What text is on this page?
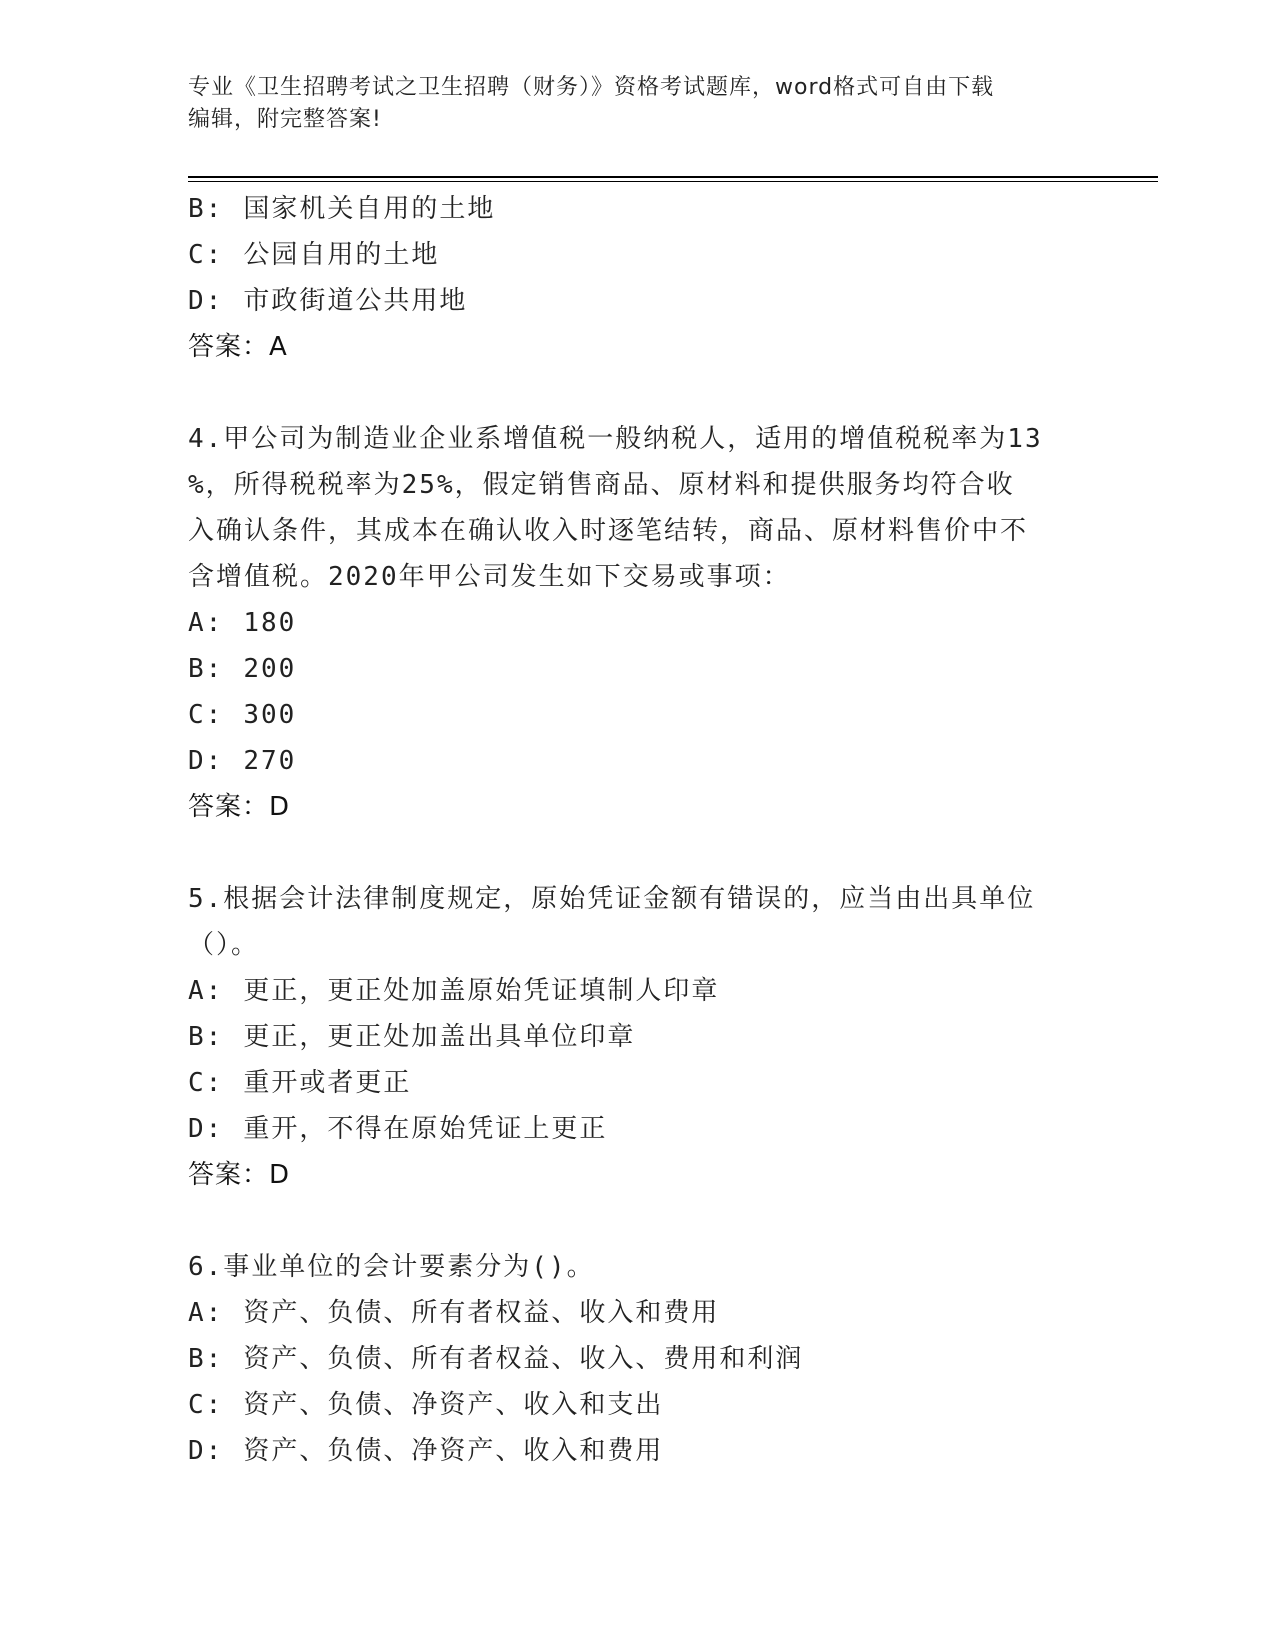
专业《卫生招聘考试之卫生招聘（财务）》资格考试题库，word格式可自由下载
编辑，附完整答案!
B: 国家机关自用的土地
C: 公园自用的土地
D: 市政街道公共用地
答案：A
4.甲公司为制造业企业系增值税一般纳税人，适用的增值税税率为13
%，所得税税率为25%，假定销售商品、原材料和提供服务均符合收
入确认条件，其成本在确认收入时逐笔结转，商品、原材料售价中不
含增值税。2020年甲公司发生如下交易或事项：
A: 180
B: 200
C: 300
D: 270
答案：D
5.根据会计法律制度规定，原始凭证金额有错误的，应当由出具单位
（）。
A: 更正，更正处加盖原始凭证填制人印章
B: 更正，更正处加盖出具单位印章
C: 重开或者更正
D: 重开，不得在原始凭证上更正
答案：D
6.事业单位的会计要素分为()。
A: 资产、负债、所有者权益、收入和费用
B: 资产、负债、所有者权益、收入、费用和利润
C: 资产、负债、净资产、收入和支出
D: 资产、负债、净资产、收入和费用
